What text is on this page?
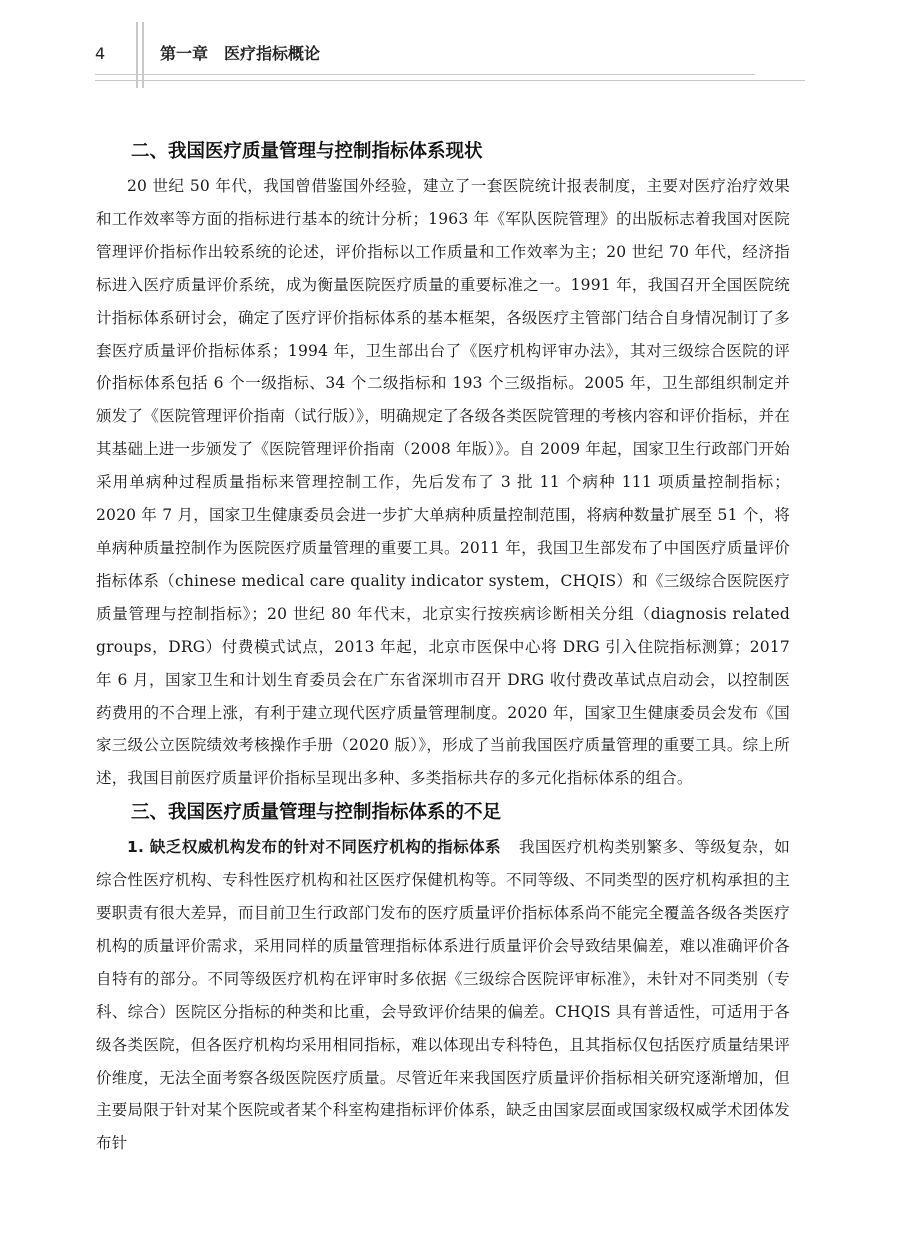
4	第一章　医疗指标概论
二、我国医疗质量管理与控制指标体系现状

20 世纪 50 年代，我国曾借鉴国外经验，建立了一套医院统计报表制度，主要对医疗治疗效果和工作效率等方面的指标进行基本的统计分析；1963 年《军队医院管理》的出版标志着我国对医院管理评价指标作出较系统的论述，评价指标以工作质量和工作效率为主；20 世纪 70 年代，经济指标进入医疗质量评价系统，成为衡量医院医疗质量的重要标准之一。1991 年，我国召开全国医院统计指标体系研讨会，确定了医疗评价指标体系的基本框架，各级医疗主管部门结合自身情况制订了多套医疗质量评价指标体系；1994 年，卫生部出台了《医疗机构评审办法》，其对三级综合医院的评价指标体系包括 6 个一级指标、34 个二级指标和 193 个三级指标。2005 年，卫生部组织制定并颁发了《医院管理评价指南（试行版）》，明确规定了各级各类医院管理的考核内容和评价指标，并在其基础上进一步颁发了《医院管理评价指南（2008 年版）》。自 2009 年起，国家卫生行政部门开始采用单病种过程质量指标来管理控制工作，先后发布了 3 批 11 个病种 111 项质量控制指标；2020 年 7 月，国家卫生健康委员会进一步扩大单病种质量控制范围，将病种数量扩展至 51 个，将单病种质量控制作为医院医疗质量管理的重要工具。2011 年，我国卫生部发布了中国医疗质量评价指标体系（chinese medical care quality indicator system，CHQIS）和《三级综合医院医疗质量管理与控制指标》；20 世纪 80 年代末，北京实行按疾病诊断相关分组（diagnosis related groups，DRG）付费模式试点，2013 年起，北京市医保中心将 DRG 引入住院指标测算；2017 年 6 月，国家卫生和计划生育委员会在广东省深圳市召开 DRG 收付费改革试点启动会，以控制医药费用的不合理上涨，有利于建立现代医疗质量管理制度。2020 年，国家卫生健康委员会发布《国家三级公立医院绩效考核操作手册（2020 版）》，形成了当前我国医疗质量管理的重要工具。综上所述，我国目前医疗质量评价指标呈现出多种、多类指标共存的多元化指标体系的组合。

三、我国医疗质量管理与控制指标体系的不足

1. 缺乏权威机构发布的针对不同医疗机构的指标体系 我国医疗机构类别繁多、等级复杂，如综合性医疗机构、专科性医疗机构和社区医疗保健机构等。不同等级、不同类型的医疗机构承担的主要职责有很大差异，而目前卫生行政部门发布的医疗质量评价指标体系尚不能完全覆盖各级各类医疗机构的质量评价需求，采用同样的质量管理指标体系进行质量评价会导致结果偏差，难以准确评价各自特有的部分。不同等级医疗机构在评审时多依据《三级综合医院评审标准》，未针对不同类别（专科、综合）医院区分指标的种类和比重，会导致评价结果的偏差。CHQIS 具有普适性，可适用于各级各类医院，但各医疗机构均采用相同指标，难以体现出专科特色，且其指标仅包括医疗质量结果评价维度，无法全面考察各级医院医疗质量。尽管近年来我国医疗质量评价指标相关研究逐渐增加，但主要局限于针对某个医院或者某个科室构建指标评价体系，缺乏由国家层面或国家级权威学术团体发布针
